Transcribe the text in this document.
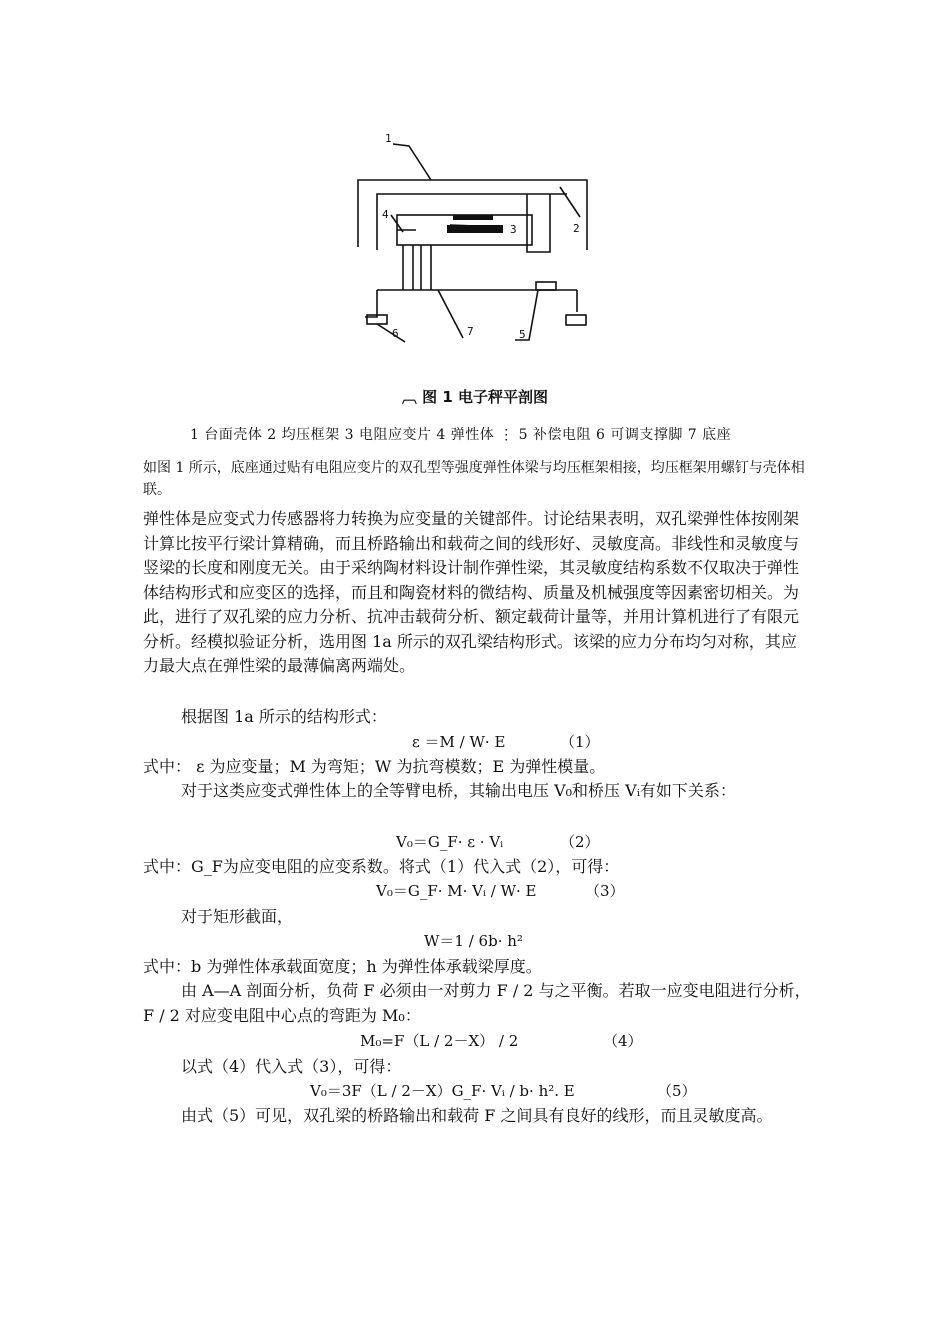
1
2
3
4
5
6	7
︹ 图 1 电子秤平剖图
1 台面壳体 2 均压框架 3 电阻应变片 4 弹性体 ⋮ 5 补偿电阻 6 可调支撑脚 7 底座
如图 1 所示，底座通过贴有电阻应变片的双孔型等强度弹性体梁与均压框架相接，均压框架用螺钉与壳体相联。
弹性体是应变式力传感器将力转换为应变量的关键部件。讨论结果表明，双孔梁弹性体按刚架计算比按平行梁计算精确，而且桥路输出和载荷之间的线形好、灵敏度高。非线性和灵敏度与竖梁的长度和刚度无关。由于采纳陶材料设计制作弹性梁，其灵敏度结构系数不仅取决于弹性体结构形式和应变区的选择，而且和陶瓷材料的微结构、质量及机械强度等因素密切相关。为此，进行了双孔梁的应力分析、抗冲击载荷分析、额定载荷计量等，并用计算机进行了有限元分析。经模拟验证分析，选用图 1a 所示的双孔梁结构形式。该梁的应力分布均匀对称，其应力最大点在弹性梁的最薄偏离两端处。
根据图 1a 所示的结构形式：
ε ＝M / W· E	（1）
式中： ε 为应变量；M 为弯矩；W 为抗弯模数；E 为弹性模量。
对于这类应变式弹性体上的全等臂电桥，其输出电压 V₀和桥压 Vᵢ有如下关系：
V₀＝G_F· ε · Vᵢ	（2）
式中：G_F为应变电阻的应变系数。将式（1）代入式（2），可得：
V₀＝G_F· M· Vᵢ / W· E	（3）
对于矩形截面，
W＝1 / 6b· h²
式中：b 为弹性体承载面宽度；h 为弹性体承载梁厚度。
由 A—A 剖面分析，负荷 F 必须由一对剪力 F / 2 与之平衡。若取一应变电阻进行分析，F / 2 对应变电阻中心点的弯距为 M₀：
M₀=F（L / 2－X） / 2	（4）
以式（4）代入式（3），可得：
V₀＝3F（L / 2－X）G_F· Vᵢ / b· h². E	（5）
由式（5）可见，双孔梁的桥路输出和载荷 F 之间具有良好的线形，而且灵敏度高。
